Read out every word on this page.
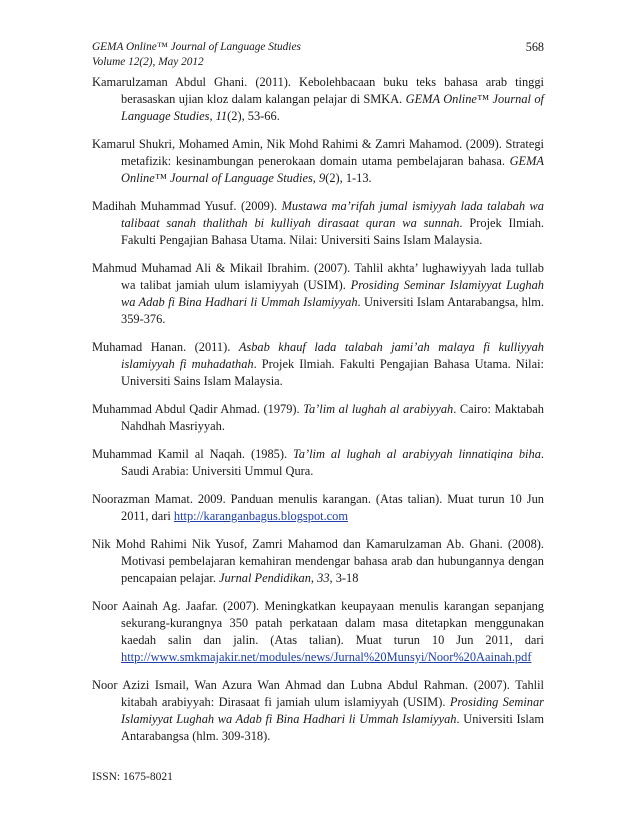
GEMA Online™ Journal of Language Studies
Volume 12(2), May 2012
568

Kamarulzaman Abdul Ghani. (2011). Kebolehbacaan buku teks bahasa arab tinggi berasaskan ujian kloz dalam kalangan pelajar di SMKA. GEMA Online™ Journal of Language Studies, 11(2), 53-66.

Kamarul Shukri, Mohamed Amin, Nik Mohd Rahimi & Zamri Mahamod. (2009). Strategi metafizik: kesinambungan penerokaan domain utama pembelajaran bahasa. GEMA Online™ Journal of Language Studies, 9(2), 1-13.

Madihah Muhammad Yusuf. (2009). Mustawa ma’rifah jumal ismiyyah lada talabah wa talibaat sanah thalithah bi kulliyah dirasaat quran wa sunnah. Projek Ilmiah. Fakulti Pengajian Bahasa Utama. Nilai: Universiti Sains Islam Malaysia.

Mahmud Muhamad Ali & Mikail Ibrahim. (2007). Tahlil akhta’ lughawiyyah lada tullab wa talibat jamiah ulum islamiyyah (USIM). Prosiding Seminar Islamiyyat Lughah wa Adab fi Bina Hadhari li Ummah Islamiyyah. Universiti Islam Antarabangsa, hlm. 359-376.

Muhamad Hanan. (2011). Asbab khauf lada talabah jami’ah malaya fi kulliyyah islamiyyah fi muhadathah. Projek Ilmiah. Fakulti Pengajian Bahasa Utama. Nilai: Universiti Sains Islam Malaysia.

Muhammad Abdul Qadir Ahmad. (1979). Ta’lim al lughah al arabiyyah. Cairo: Maktabah Nahdhah Masriyyah.

Muhammad Kamil al Naqah. (1985). Ta’lim al lughah al arabiyyah linnatiqina biha. Saudi Arabia: Universiti Ummul Qura.

Noorazman Mamat. 2009. Panduan menulis karangan. (Atas talian). Muat turun 10 Jun 2011, dari http://karanganbagus.blogspot.com

Nik Mohd Rahimi Nik Yusof, Zamri Mahamod dan Kamarulzaman Ab. Ghani. (2008). Motivasi pembelajaran kemahiran mendengar bahasa arab dan hubungannya dengan pencapaian pelajar. Jurnal Pendidikan, 33, 3-18

Noor Aainah Ag. Jaafar. (2007). Meningkatkan keupayaan menulis karangan sepanjang sekurang-kurangnya 350 patah perkataan dalam masa ditetapkan menggunakan kaedah salin dan jalin. (Atas talian). Muat turun 10 Jun 2011, dari http://www.smkmajakir.net/modules/news/Jurnal%20Munsyi/Noor%20Aainah.pdf

Noor Azizi Ismail, Wan Azura Wan Ahmad dan Lubna Abdul Rahman. (2007). Tahlil kitabah arabiyyah: Dirasaat fi jamiah ulum islamiyyah (USIM). Prosiding Seminar Islamiyyat Lughah wa Adab fi Bina Hadhari li Ummah Islamiyyah. Universiti Islam Antarabangsa (hlm. 309-318).

ISSN: 1675-8021
